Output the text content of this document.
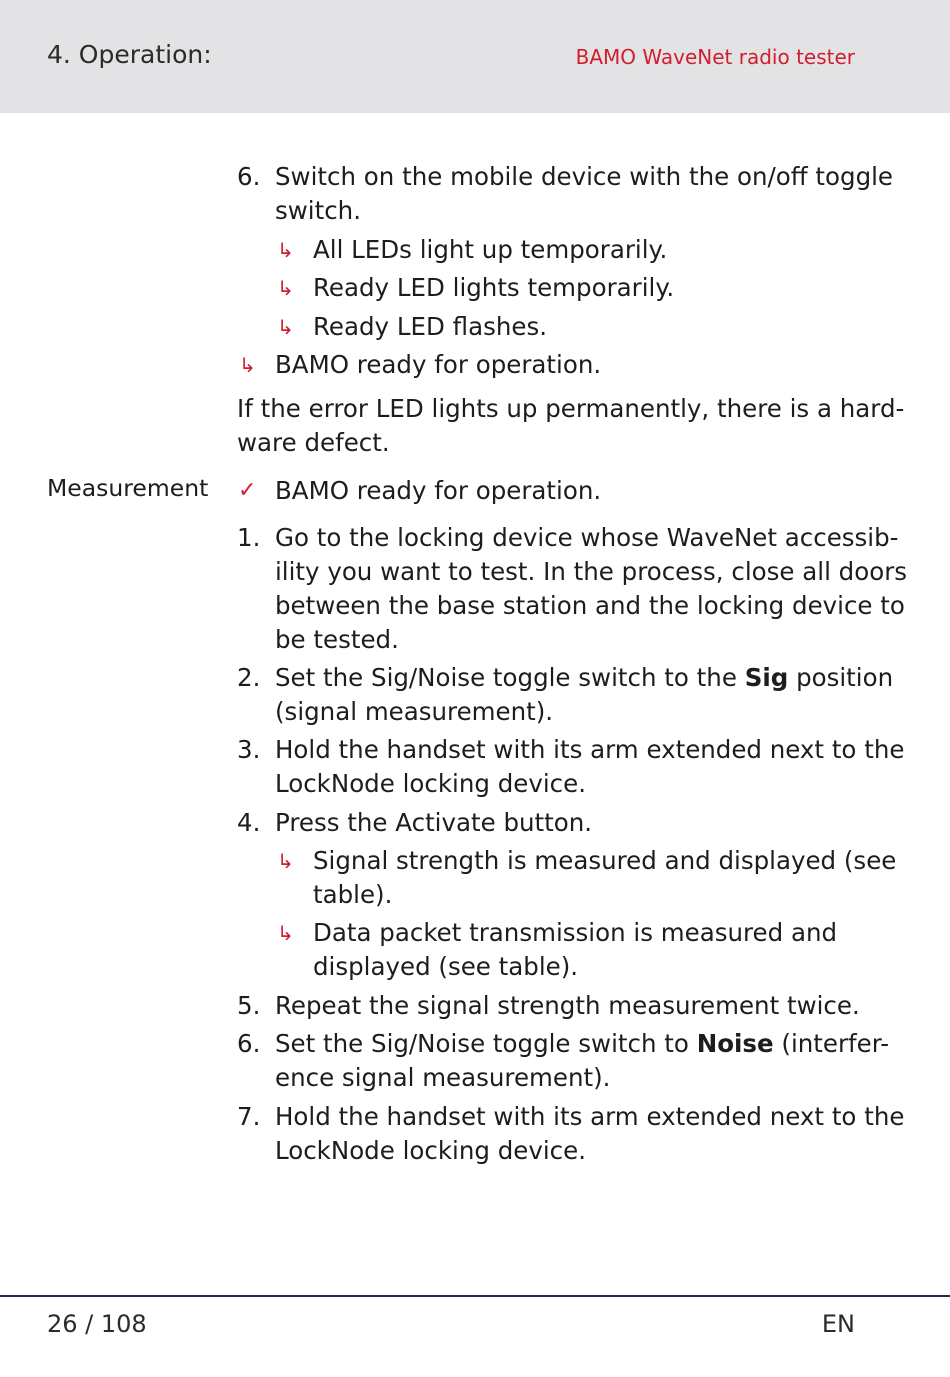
4. Operation:	BAMO WaveNet radio tester
6. Switch on the mobile device with the on/off toggle
switch.
↳ All LEDs light up temporarily.
↳ Ready LED lights temporarily.
↳ Ready LED flashes.
↳ BAMO ready for operation.
If the error LED lights up permanently, there is a hard-
ware defect.
Measurement ✓ BAMO ready for operation.
1. Go to the locking device whose WaveNet accessib-
ility you want to test. In the process, close all doors
between the base station and the locking device to
be tested.
2. Set the Sig/Noise toggle switch to the Sig position
(signal measurement).
3. Hold the handset with its arm extended next to the
LockNode locking device.
4. Press the Activate button.
↳ Signal strength is measured and displayed (see
table).
↳ Data packet transmission is measured and
displayed (see table).
5. Repeat the signal strength measurement twice.
6. Set the Sig/Noise toggle switch to Noise (interfer-
ence signal measurement).
7. Hold the handset with its arm extended next to the
LockNode locking device.
26 / 108	EN
